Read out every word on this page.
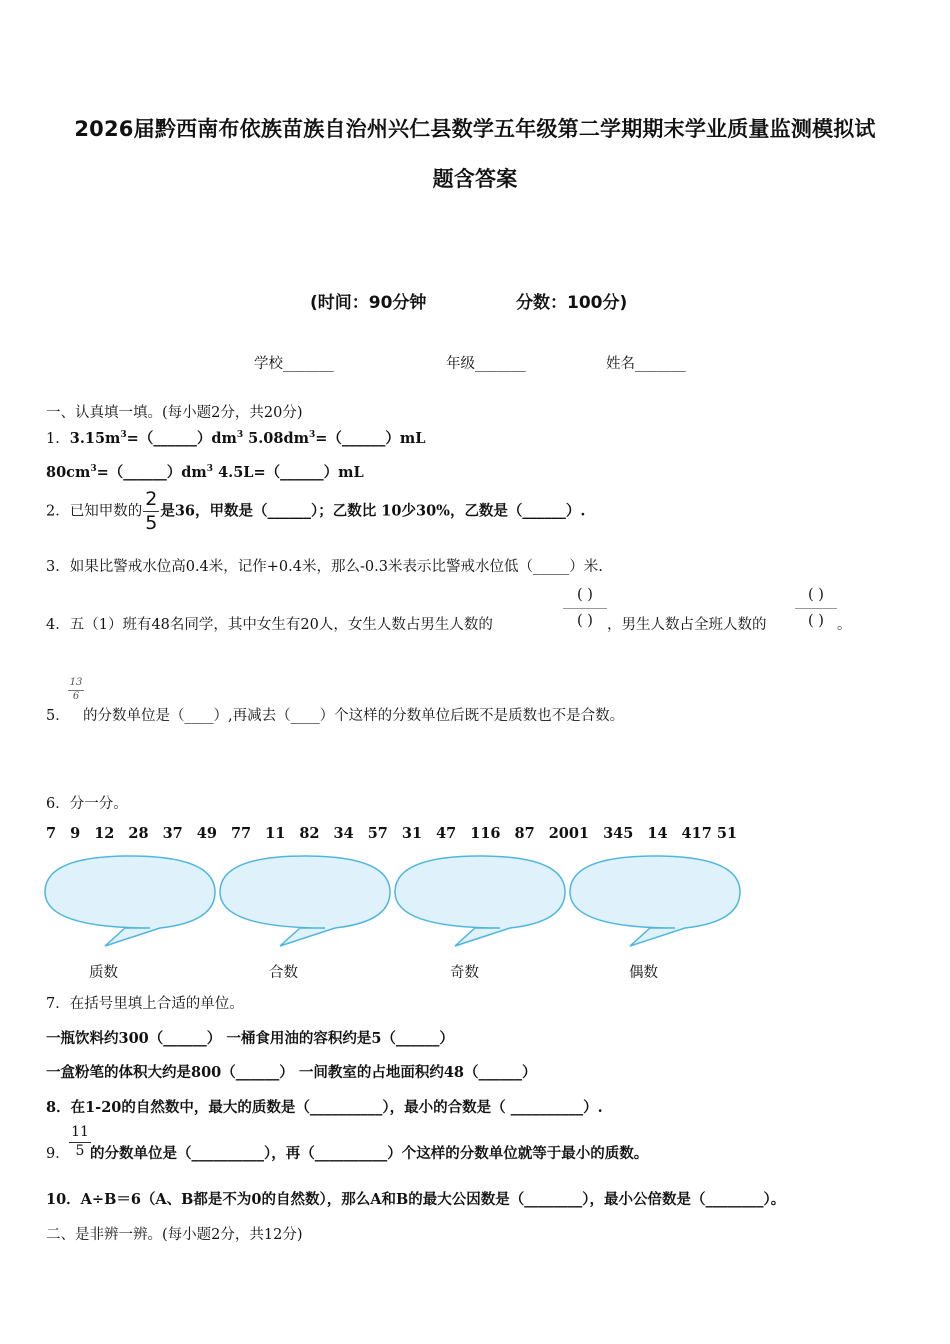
2026届黔西南布依族苗族自治州兴仁县数学五年级第二学期期末学业质量监测模拟试
题含答案
(时间：90分钟	分数：100分)
学校_______	年级_______	姓名_______
一、认真填一填。(每小题2分，共20分)
1．$3.15m^3=(\_\_\_\_\_\_)dm^3$ $5.08dm^3=(\_\_\_\_\_\_)mL$
$80cm^3=(\_\_\_\_\_\_)dm^3$ 4.5L=（______）mL
2．已知甲数的 $\frac{2}{5}$ 是36，甲数是（______）；乙数比 10少30%，乙数是（______）.
3．如果比警戒水位高0.4米，记作+0.4米，那么-0.3米表示比警戒水位低（_____）米.
4．五（1）班有48名同学，其中女生有20人，女生人数占男生人数的
( )
( ) ，男生人数占全班人数的
( )
( ) 。
13
6
5． 的分数单位是（____）,再减去（____）个这样的分数单位后既不是质数也不是合数。
6．分一分。
7 9 12 28 37 49 77 11 82 34 57 31 47 116 87 2001 345 14 417 51
质数	合数	奇数	偶数
7．在括号里填上合适的单位。
一瓶饮料约300（______） 一桶食用油的容积约是5（______）
一盒粉笔的体积大约是800（______） 一间教室的占地面积约48（______）
8．在1-20的自然数中，最大的质数是（__________），最小的合数是（ __________）.
9．
11
5 的分数单位是（__________），再（__________）个这样的分数单位就等于最小的质数。
10．A÷B＝6（A、B都是不为0的自然数），那么A和B的最大公因数是（________），最小公倍数是（________）。
二、是非辨一辨。(每小题2分，共12分)
